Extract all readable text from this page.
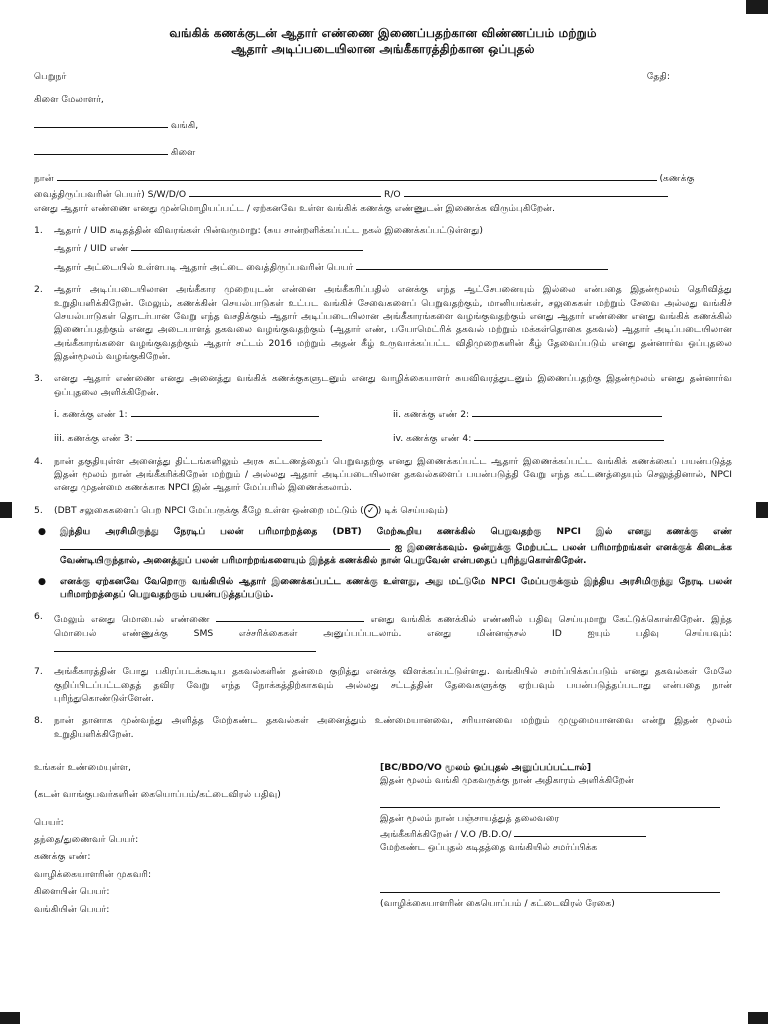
வங்கிக் கணக்குடன் ஆதார் எண்ணை இணைப்பதற்கான விண்ணப்பம் மற்றும்
ஆதார் அடிப்படையிலான அங்கீகாரத்திற்கான ஒப்புதல்
பெறுநர்	தேதி:
கிளை மேலாளர்,
வங்கி,
கிளை
நான்	(கணக்கு
வைத்திருப்பவரின் பெயர்) S/W/D/O	R/O
எனது ஆதார் எண்ணை எனது முன்மொழியப்பட்ட / ஏற்கனவே உள்ள வங்கிக் கணக்கு எண்ணுடன் இணைக்க விரும்புகிறேன்.
1.	ஆதார் / UID கடிதத்தின் விவரங்கள் பின்வருமாறு: (சுய சான்றளிக்கப்பட்ட நகல் இணைக்கப்பட்டுள்ளது)
ஆதார் / UID எண்
ஆதார் அட்டையில் உள்ளபடி ஆதார் அட்டை வைத்திருப்பவரின் பெயர்
2.	ஆதார் அடிப்படையிலான அங்கீகார முறையுடன் என்னை அங்கீகரிப்பதில் எனக்கு எந்த ஆட்சேபனையும் இல்லை என்பதை இதன்மூலம் தெரிவித்து உறுதியளிக்கிறேன். மேலும், கணக்கின் செயல்பாடுகள் உட்பட வங்கிச் சேவைகளைப் பெறுவதற்கும், மானியங்கள், சலுகைகள் மற்றும் சேவை அல்லது வங்கிச் செயல்பாடுகள் தொடர்பான வேறு எந்த வசதிக்கும் ஆதார் அடிப்படையிலான அங்கீகாரங்களை வழங்குவதற்கும் எனது ஆதார் எண்ணை எனது வங்கிக் கணக்கில் இணைப்பதற்கும் எனது அடையாளத் தகவலை வழங்குவதற்கும் (ஆதார் எண், பயோமெட்ரிக் தகவல் மற்றும் மக்கள்தொகை தகவல்) ஆதார் அடிப்படையிலான அங்கீகாரங்களை வழங்குவதற்கும் ஆதார் சட்டம் 2016 மற்றும் அதன் கீழ் உருவாக்கப்பட்ட விதிமுறைகளின் கீழ் தேவைப்படும் எனது தன்னார்வ ஒப்புதலை இதன்மூலம் வழங்குகிறேன்.
3.	எனது ஆதார் எண்ணை எனது அனைத்து வங்கிக் கணக்குகளுடனும் எனது வாழிக்கையாளர் சுயவிவரத்துடனும் இணைப்பதற்கு இதன்மூலம் எனது தன்னார்வ ஒப்புதலை அளிக்கிறேன்.
i. கணக்கு எண் 1:	ii. கணக்கு எண் 2:
iii. கணக்கு எண் 3:	iv. கணக்கு எண் 4:
4.	நான் தகுதியுள்ள அனைத்து திட்டங்களிலும் அரசு கட்டணத்தைப் பெறுவதற்கு எனது இணைக்கப்பட்ட ஆதார் இணைக்கப்பட்ட வங்கிக் கணக்கைப் பயன்படுத்த இதன் மூலம் நான் அங்கீகரிக்கிறேன் மற்றும் / அல்லது ஆதார் அடிப்படையிலான தகவல்களைப் பயன்படுத்தி வேறு எந்த கட்டணத்தையும் செலுத்தினால், NPCI எனது முதன்மை கணக்காக NPCI இன் ஆதார் மேப்பரில் இணைக்கலாம்.
5.	(DBT சலுகைகளைப் பெற NPCI மேப்பருக்கு கீழே உள்ள ஒன்றை மட்டும் ( ✓ ) டிக் செய்யவும்)
●	இந்திய அரசிமிருந்து நேரடிப் பலன் பரிமாற்றத்தை (DBT) மேற்கூறிய கணக்கில் பெறுவதற்கு NPCI இல் எனது கணக்கு எண்  ஐ இணைக்கவும். ஒன்றுக்கு மேற்பட்ட பலன் பரிமாற்றங்கள் எனக்குக் கிடைக்க வேண்டியிருந்தால், அனைத்துப் பலன் பரிமாற்றங்களையும் இந்தக் கணக்கில் நான் பெறுவேன் என்பதைப் புரிந்துகொள்கிறேன்.
●	எனக்கு ஏற்கனவே வேறொரு வங்கியில் ஆதார் இணைக்கப்பட்ட கணக்கு உள்ளது, அது மட்டுமே NPCI மேப்பருக்கும் இந்திய அரசிமிருந்து நேரடி பலன் பரிமாற்றத்தைப் பெறுவதற்கும் பயன்படுத்தப்படும்.
6.	மேலும் எனது மொபைல் எண்ணை	எனது வங்கிக் கணக்கில் எண்ணில் பதிவு செய்யுமாறு கேட்டுக்கொள்கிறேன். இந்த மொபைல் எண்ணுக்கு SMS எச்சரிக்கைகள் அனுப்பப்படலாம். எனது மின்னஞ்சல் ID ஐயும் பதிவு செய்யவும்:
7.	அங்கீகாரத்தின் போது பகிரப்படக்கூடிய தகவல்களின் தன்மை குறித்து எனக்கு விளக்கப்பட்டுள்ளது. வங்கியில் சமர்ப்பிக்கப்படும் எனது தகவல்கள் மேலே குறிப்பிடப்பட்டதைத் தவிர வேறு எந்த நோக்கத்திற்காகவும் அல்லது சட்டத்தின் தேவைகளுக்கு ஏற்பவும் பயன்படுத்தப்படாது என்பதை நான் புரிந்துகொண்டுள்ளேன்.
8.	நான் தானாக முன்வந்து அளித்த மேற்கண்ட தகவல்கள் அனைத்தும் உண்மையானவை, சரியானவை மற்றும் முழுமையானவை என்று இதன் மூலம் உறுதியளிக்கிறேன்.
உங்கள் உண்மையுள்ள,
(கடன் வாங்குபவர்களின் கையொப்பம்/கட்டைவிரல் பதிவு)
பெயர்:
தந்தை/துணைவர் பெயர்:
கணக்கு எண்:
வாழிக்கையாளரின் முகவரி:
கிளையின் பெயர்:
வங்கியின் பெயர்:
[BC/BDO/VO மூலம் ஒப்புதல் அனுப்பப்பட்டால்]
இதன் மூலம் வங்கி முகவருக்கு நான் அதிகாரம் அளிக்கிறேன்
இதன் மூலம் நான் பஞ்சாயத்துத் தலைவரை
அங்கீகரிக்கிறேன் / V.O /B.D.O/
மேற்கண்ட ஒப்புதல் கடிதத்தை வங்கியில் சமர்ப்பிக்க
(வாழிக்கையாளரின் கையொப்பம் / கட்டைவிரல் ரேகை)
